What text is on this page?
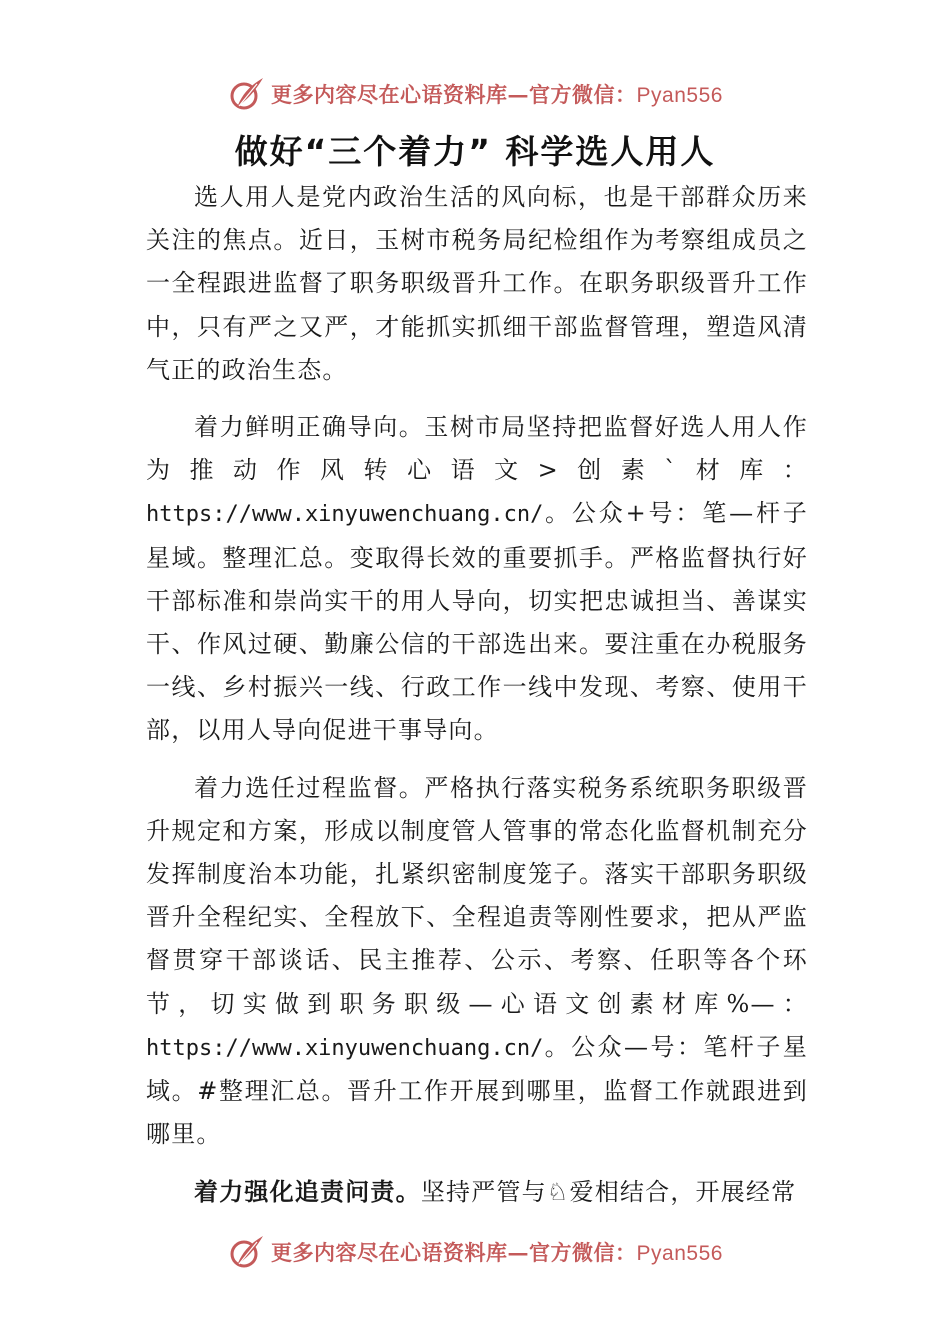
更多内容尽在心语资料库—官方微信：Pyan556
做好“三个着力” 科学选人用人

选人用人是党内政治生活的风向标，也是干部群众历来关注的焦点。近日，玉树市税务局纪检组作为考察组成员之一全程跟进监督了职务职级晋升工作。在职务职级晋升工作中，只有严之又严，才能抓实抓细干部监督管理，塑造风清气正的政治生态。

着力鲜明正确导向。玉树市局坚持把监督好选人用人作为推动作风转心语文>创素`材库：https://www.xinyuwenchuang.cn/。公众+号：笔—杆子星域。整理汇总。变取得长效的重要抓手。严格监督执行好干部标准和崇尚实干的用人导向，切实把忠诚担当、善谋实干、作风过硬、勤廉公信的干部选出来。要注重在办税服务一线、乡村振兴一线、行政工作一线中发现、考察、使用干部，以用人导向促进干事导向。

着力选任过程监督。严格执行落实税务系统职务职级晋升规定和方案，形成以制度管人管事的常态化监督机制充分发挥制度治本功能，扎紧织密制度笼子。落实干部职务职级晋升全程纪实、全程放下、全程追责等刚性要求，把从严监督贯穿干部谈话、民主推荐、公示、考察、任职等各个环节，切实做到职务职级—心语文创素材库%—：https://www.xinyuwenchuang.cn/。公众—号：笔杆子星域。#整理汇总。晋升工作开展到哪里，监督工作就跟进到哪里。

着力强化追责问责。坚持严管与♘爱相结合，开展经常

更多内容尽在心语资料库—官方微信：Pyan556
